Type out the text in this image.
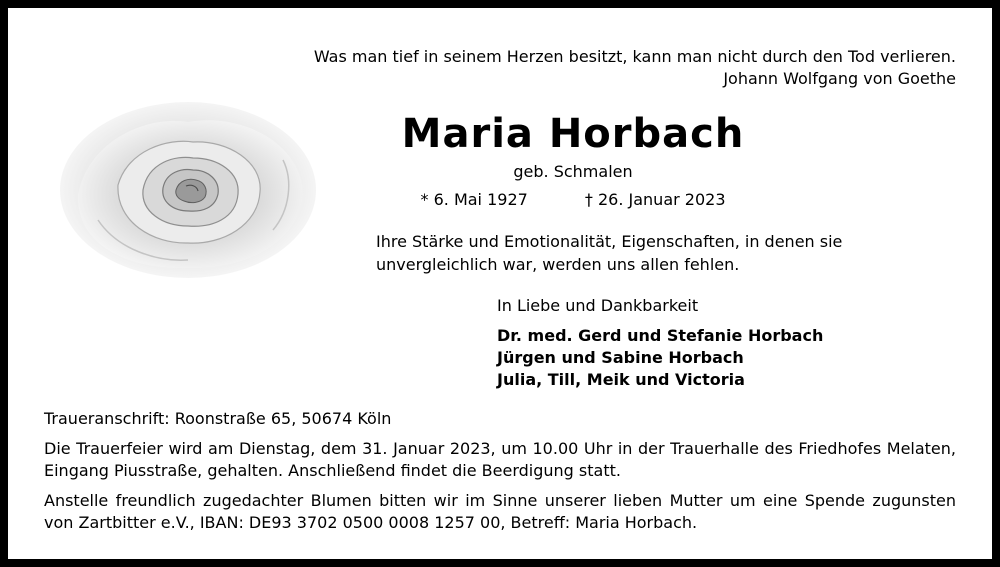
Was man tief in seinem Herzen besitzt, kann man nicht durch den Tod verlieren.
Johann Wolfgang von Goethe
Maria Horbach
geb. Schmalen
* 6. Mai 1927	† 26. Januar 2023
Ihre Stärke und Emotionalität, Eigenschaften, in denen sie unvergleichlich war, werden uns allen fehlen.
In Liebe und Dankbarkeit
Dr. med. Gerd und Stefanie Horbach
Jürgen und Sabine Horbach
Julia, Till, Meik und Victoria

Traueranschrift: Roonstraße 65, 50674 Köln

Die Trauerfeier wird am Dienstag, dem 31. Januar 2023, um 10.00 Uhr in der Trauerhalle des Friedhofes Melaten, Eingang Piusstraße, gehalten. Anschließend findet die Beerdigung statt.

Anstelle freundlich zugedachter Blumen bitten wir im Sinne unserer lieben Mutter um eine Spende zugunsten von Zartbitter e.V., IBAN: DE93 3702 0500 0008 1257 00, Betreff: Maria Horbach.
